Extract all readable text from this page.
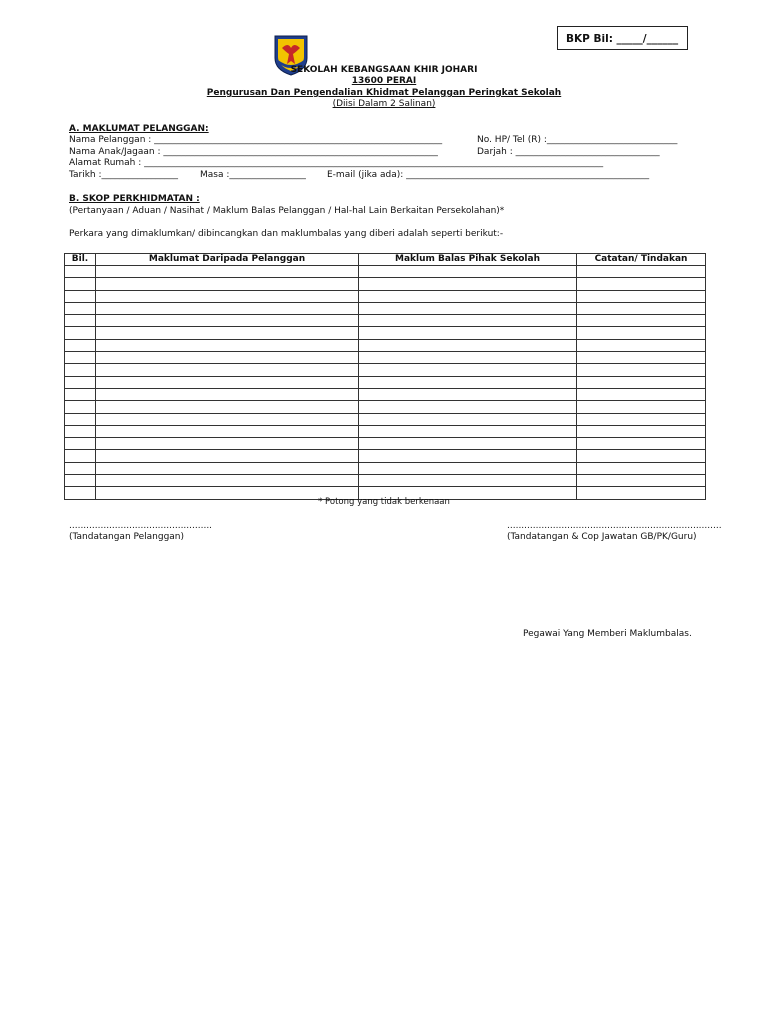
BKP Bil: _____/______
SEKOLAH KEBANGSAAN KHIR JOHARI
13600 PERAI
Pengurusan Dan Pengendalian Khidmat Pelanggan Peringkat Sekolah
(Diisi Dalam 2 Salinan)
A. MAKLUMAT PELANGGAN:
Nama Pelanggan : ________________________________________________________________	No. HP/ Tel (R) :_____________________________
Nama Anak/Jagaan : _____________________________________________________________	Darjah : ________________________________
Alamat Rumah : ______________________________________________________________________________________________________
Tarikh :_________________ Masa :_________________ E-mail (jika ada): ______________________________________________________
B. SKOP PERKHIDMATAN :
(Pertanyaan / Aduan / Nasihat / Maklum Balas Pelanggan / Hal-hal Lain Berkaitan Persekolahan)*
Perkara yang dimaklumkan/ dibincangkan dan maklumbalas yang diberi adalah seperti berikut:-
Bil.	Maklumat Daripada Pelanggan	Maklum Balas Pihak Sekolah	Catatan/ Tindakan

* Potong yang tidak berkenaan
..................................................
(Tandatangan Pelanggan)
...........................................................................
(Tandatangan & Cop Jawatan GB/PK/Guru)
Pegawai Yang Memberi Maklumbalas.
